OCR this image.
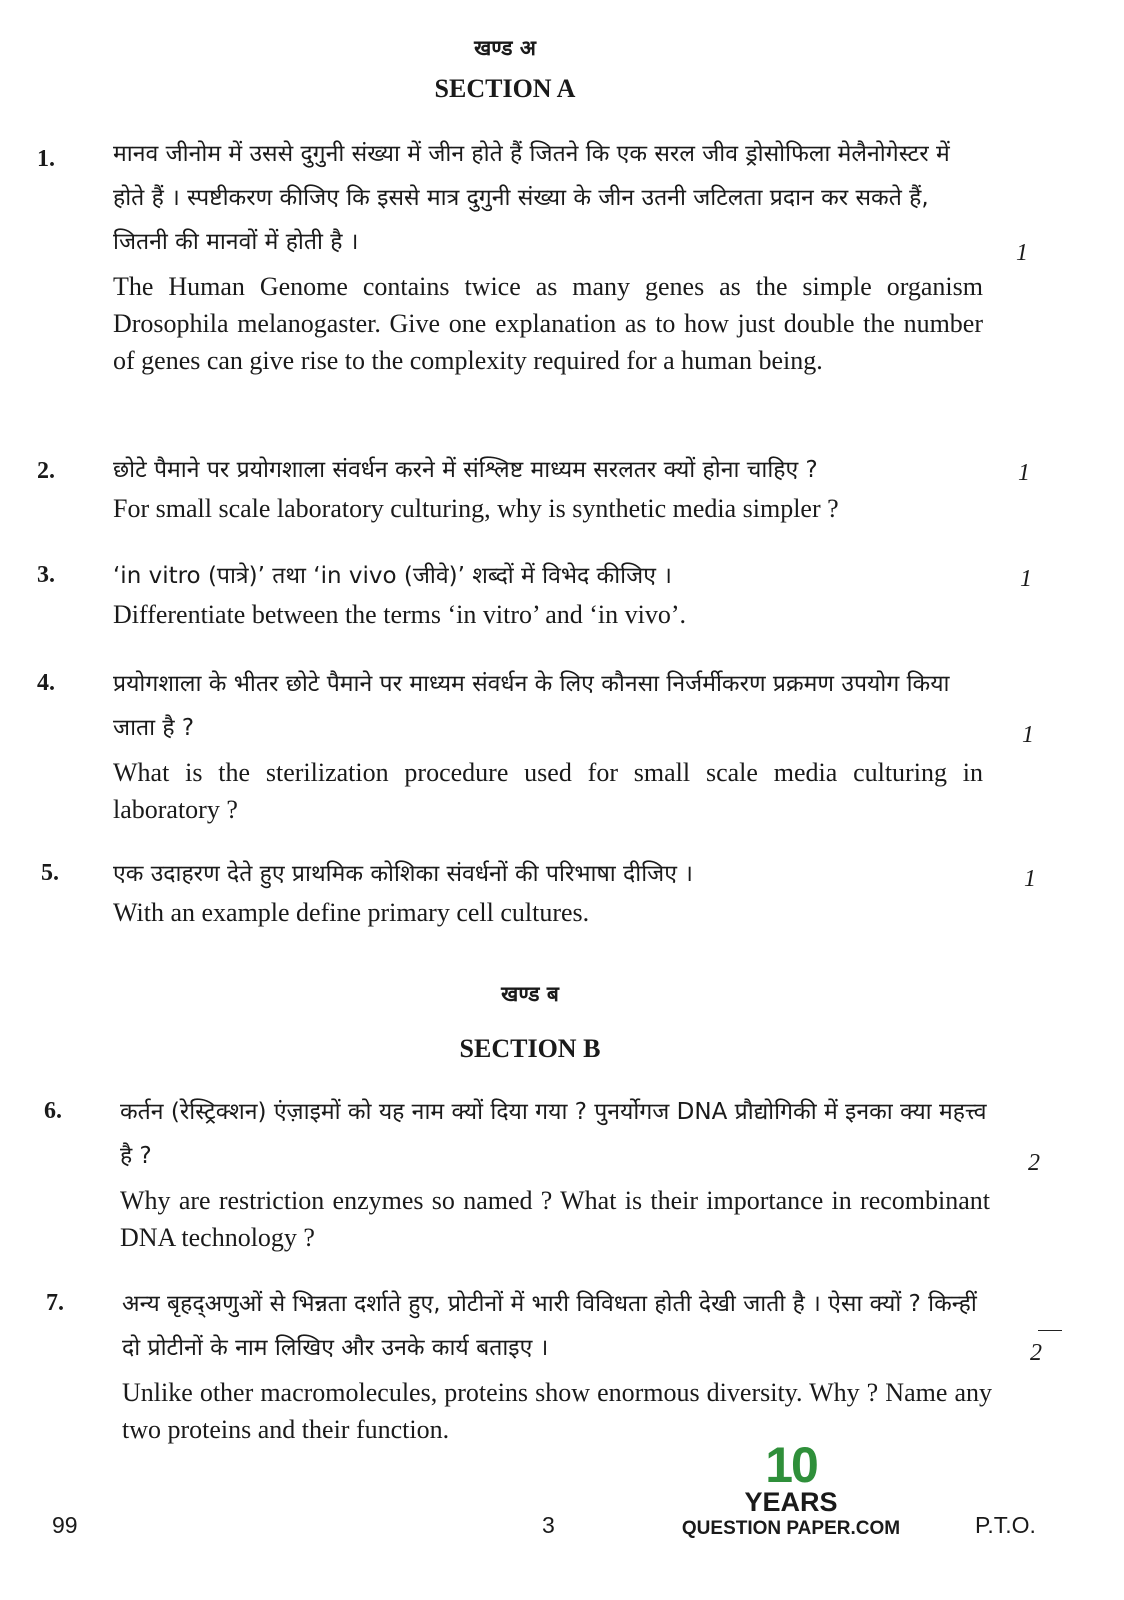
खण्ड अ
SECTION A
1.	मानव जीनोम में उससे दुगुनी संख्या में जीन होते हैं जितने कि एक सरल जीव ड्रोसोफिला मेलैनोगेस्टर में होते हैं । स्पष्टीकरण कीजिए कि इससे मात्र दुगुनी संख्या के जीन उतनी जटिलता प्रदान कर सकते हैं, जितनी की मानवों में होती है ।
The Human Genome contains twice as many genes as the simple organism Drosophila melanogaster. Give one explanation as to how just double the number of genes can give rise to the complexity required for a human being.
1
2.	छोटे पैमाने पर प्रयोगशाला संवर्धन करने में संश्लिष्ट माध्यम सरलतर क्यों होना चाहिए ?
For small scale laboratory culturing, why is synthetic media simpler ?
1
3.	‘in vitro (पात्रे)’ तथा ‘in vivo (जीवे)’ शब्दों में विभेद कीजिए ।
Differentiate between the terms ‘in vitro’ and ‘in vivo’.
1
4.	प्रयोगशाला के भीतर छोटे पैमाने पर माध्यम संवर्धन के लिए कौनसा निर्जर्मीकरण प्रक्रमण उपयोग किया जाता है ?
What is the sterilization procedure used for small scale media culturing in laboratory ?
1
5. एक उदाहरण देते हुए प्राथमिक कोशिका संवर्धनों की परिभाषा दीजिए ।
With an example define primary cell cultures.
1
खण्ड ब
SECTION B
6.	कर्तन (रेस्ट्रिक्शन) एंज़ाइमों को यह नाम क्यों दिया गया ? पुनर्योगज DNA प्रौद्योगिकी में इनका क्या महत्त्व है ?
Why are restriction enzymes so named ? What is their importance in recombinant DNA technology ?
2
7.	अन्य बृहद्अणुओं से भिन्नता दर्शाते हुए, प्रोटीनों में भारी विविधता होती देखी जाती है । ऐसा क्यों ? किन्हीं दो प्रोटीनों के नाम लिखिए और उनके कार्य बताइए ।
Unlike other macromolecules, proteins show enormous diversity. Why ? Name any two proteins and their function.
2
99	3	P.T.O.
10
YEARS
QUESTION PAPER.COM
